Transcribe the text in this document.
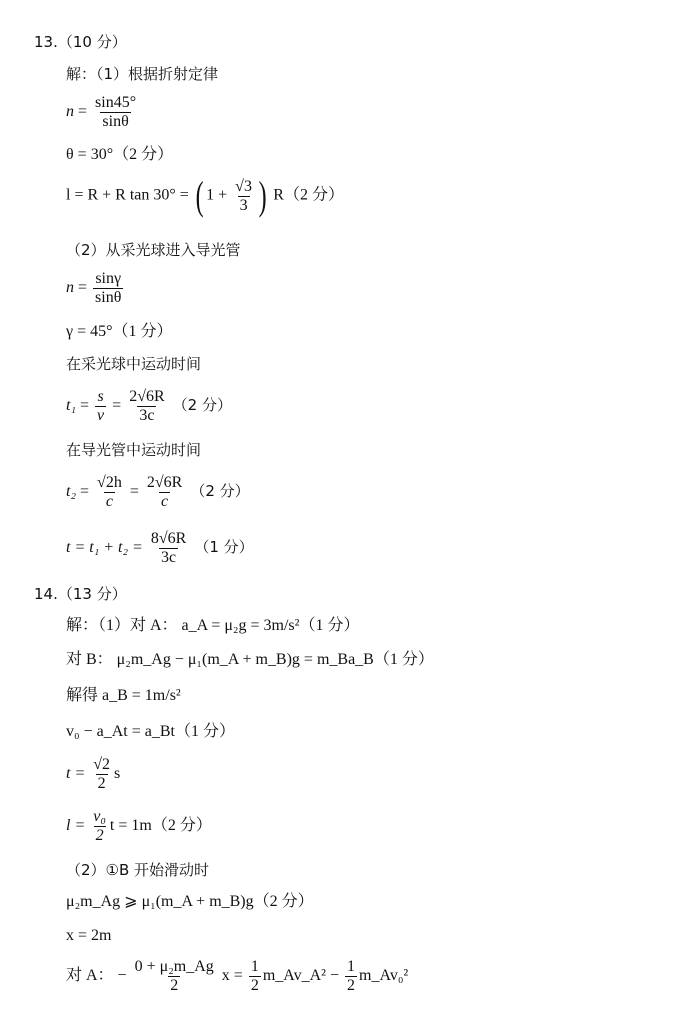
13.（10 分）
解：（1）根据折射定律
$n = \frac{\sin 45^\circ}{\sin\theta}$
θ = 30°（2 分）
l = R + R tan 30° = ( $1 + \frac{√3}{3}$ ) R（2 分）
（2）从采光球进入导光管
$n = \frac{\sin\gamma}{\sin\theta}$
γ = 45°（1 分）
在采光球中运动时间
$t_1 = \frac{s}{v} = \frac{2√6R}{3c} (2$ 分）
在导光管中运动时间
$t_2 = \frac{√2h}{c} = \frac{2√6R}{c} (2$ 分）
$t = t_1 + t_2 = \frac{8√6R}{3c} (1$ 分）
14.（13 分）
解：（1）对 A： a_A = μ₂g = 3m/s²（1 分）
对 B： μ₂m_Ag − μ₁(m_A + m_B)g = m_Ba_B（1 分）
解得 a_B = 1m/s²
v₀ − a_At = a_Bt（1 分）
$t = \frac{√2}{2}$ s
$l = \frac{\text{v₀}}{2}$ t = 1m（2 分）
（2）①B 开始滑动时
μ₂m_Ag ⩾ μ₁(m_A + m_B)g（2 分）
x = 2m
对 A： − $\frac{\text{0 + μ₂m\_Ag}}{2}$ $x = \frac{1}{2}$ m_Av_A² − $\frac{1}{2}$ m_Av₀²
